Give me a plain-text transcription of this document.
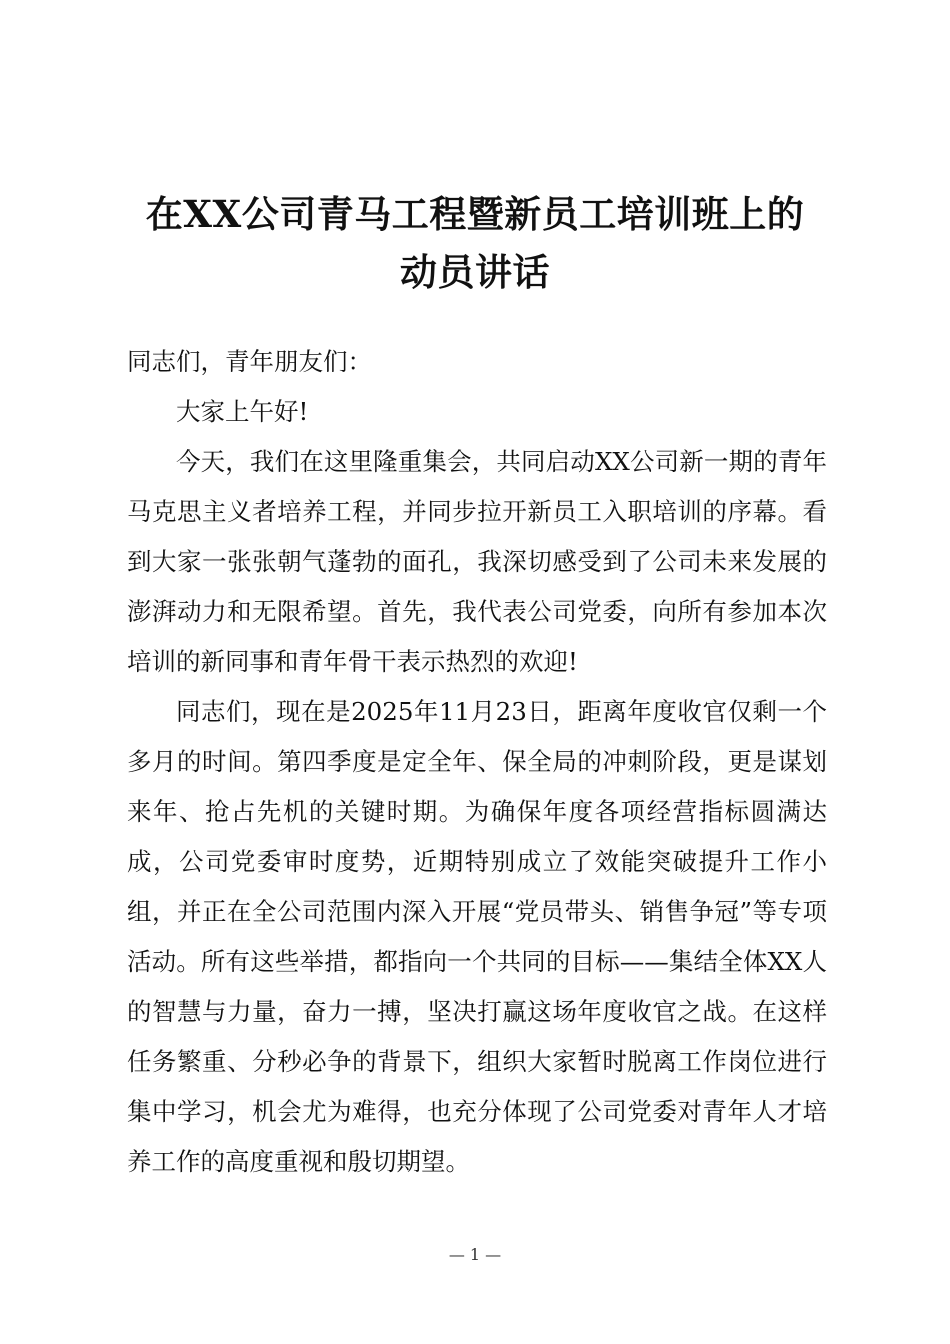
在XX公司青马工程暨新员工培训班上的
动员讲话

同志们，青年朋友们：

大家上午好!

今天，我们在这里隆重集会，共同启动XX公司新一期的青年马克思主义者培养工程，并同步拉开新员工入职培训的序幕。看到大家一张张朝气蓬勃的面孔，我深切感受到了公司未来发展的澎湃动力和无限希望。首先，我代表公司党委，向所有参加本次培训的新同事和青年骨干表示热烈的欢迎!

同志们，现在是2025年11月23日，距离年度收官仅剩一个多月的时间。第四季度是定全年、保全局的冲刺阶段，更是谋划来年、抢占先机的关键时期。为确保年度各项经营指标圆满达成，公司党委审时度势，近期特别成立了效能突破提升工作小组，并正在全公司范围内深入开展“党员带头、销售争冠”等专项活动。所有这些举措，都指向一个共同的目标——集结全体XX人的智慧与力量，奋力一搏，坚决打赢这场年度收官之战。在这样任务繁重、分秒必争的背景下，组织大家暂时脱离工作岗位进行集中学习，机会尤为难得，也充分体现了公司党委对青年人才培养工作的高度重视和殷切期望。

— 1 —
